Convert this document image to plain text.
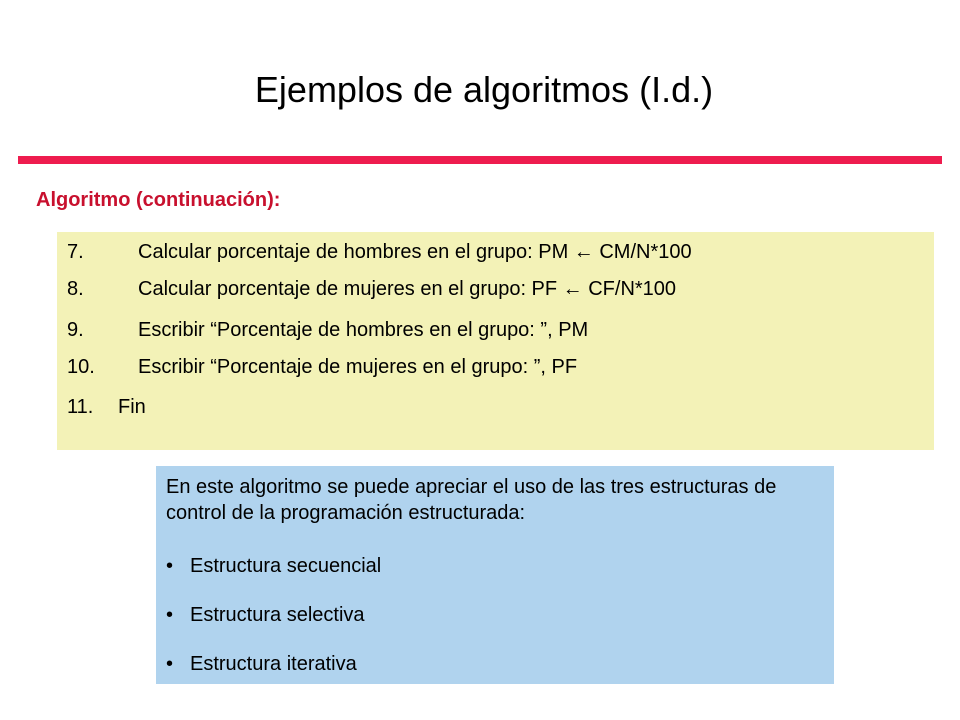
Ejemplos de algoritmos (I.d.)
Algoritmo (continuación):
7.	Calcular porcentaje de hombres en el grupo: PM ← CM/N*100
8.	Calcular porcentaje de mujeres en el grupo: PF ← CF/N*100
9.	Escribir “Porcentaje de hombres en el grupo: ”, PM
10. Escribir “Porcentaje de mujeres en el grupo: ”, PF
11. Fin
En este algoritmo se puede apreciar el uso de las tres estructuras de control de la programación estructurada:
• Estructura secuencial
• Estructura selectiva
• Estructura iterativa
